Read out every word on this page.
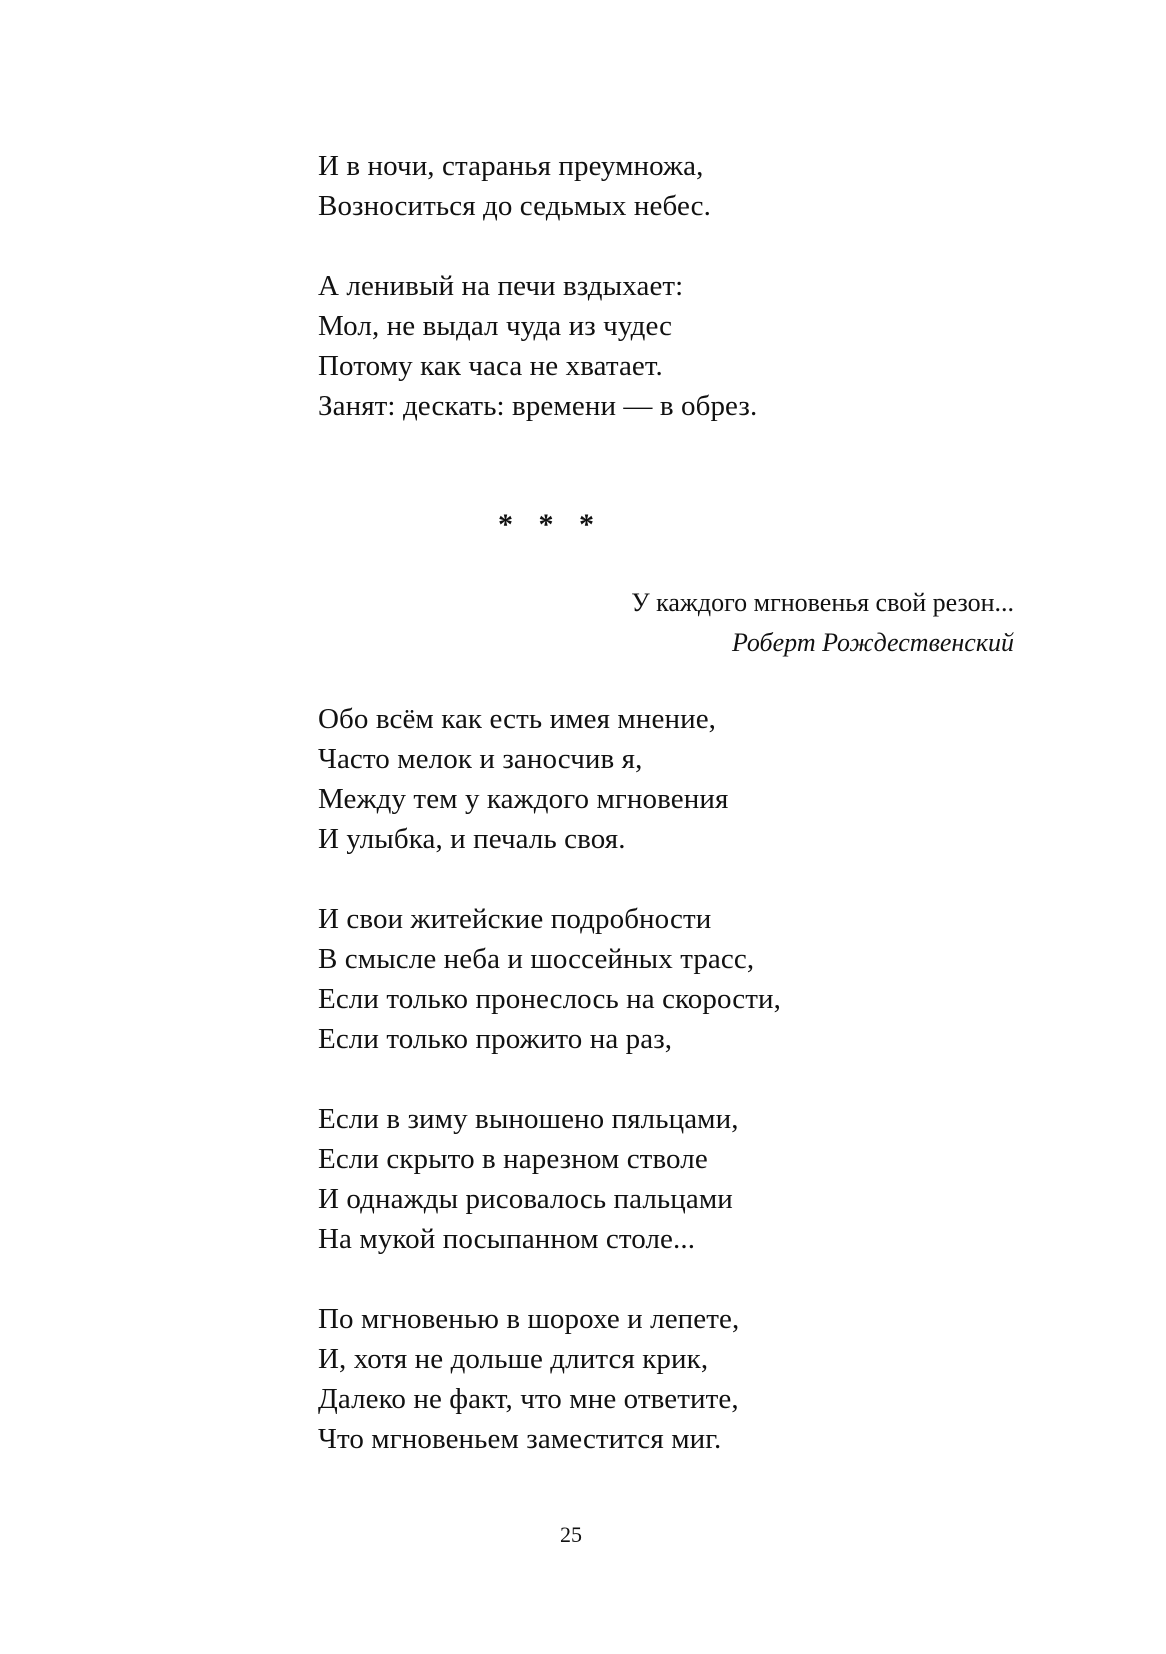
И в ночи, старанья преумножа,
Возноситься до седьмых небес.
А ленивый на печи вздыхает:
Мол, не выдал чуда из чудес
Потому как часа не хватает.
Занят: дескать: времени — в обрез.
* * *
У каждого мгновенья свой резон...
Роберт Рождественский
Обо всём как есть имея мнение,
Часто мелок и заносчив я,
Между тем у каждого мгновения
И улыбка, и печаль своя.
И свои житейские подробности
В смысле неба и шоссейных трасс,
Если только пронеслось на скорости,
Если только прожито на раз,
Если в зиму выношено пяльцами,
Если скрыто в нарезном стволе
И однажды рисовалось пальцами
На мукой посыпанном столе...
По мгновенью в шорохе и лепете,
И, хотя не дольше длится крик,
Далеко не факт, что мне ответите,
Что мгновеньем заместится миг.
25
